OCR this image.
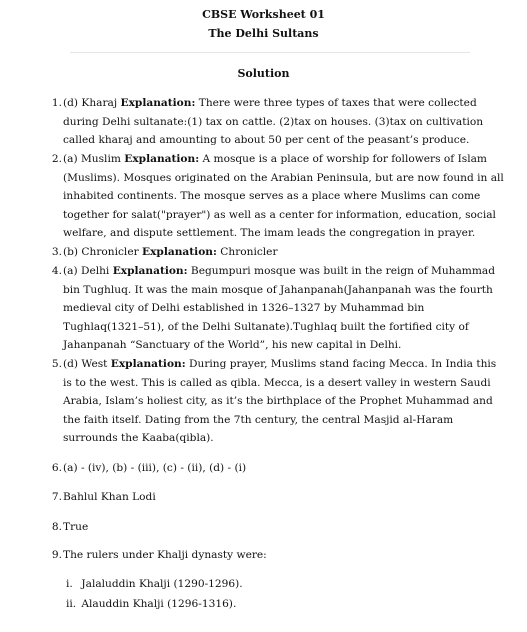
CBSE Worksheet 01
The Delhi Sultans
Solution
1. (d) Kharaj Explanation: There were three types of taxes that were collected during Delhi sultanate:(1) tax on cattle. (2)tax on houses. (3)tax on cultivation called kharaj and amounting to about 50 per cent of the peasant’s produce.
2. (a) Muslim Explanation: A mosque is a place of worship for followers of Islam (Muslims). Mosques originated on the Arabian Peninsula, but are now found in all inhabited continents. The mosque serves as a place where Muslims can come together for salat("prayer") as well as a center for information, education, social welfare, and dispute settlement. The imam leads the congregation in prayer.
3. (b) Chronicler Explanation: Chronicler
4. (a) Delhi Explanation: Begumpuri mosque was built in the reign of Muhammad bin Tughluq. It was the main mosque of Jahanpanah(Jahanpanah was the fourth medieval city of Delhi established in 1326–1327 by Muhammad bin Tughlaq(1321–51), of the Delhi Sultanate).Tughlaq built the fortified city of Jahanpanah “Sanctuary of the World”, his new capital in Delhi.
5. (d) West Explanation: During prayer, Muslims stand facing Mecca. In India this is to the west. This is called as qibla. Mecca, is a desert valley in western Saudi Arabia, Islam’s holiest city, as it’s the birthplace of the Prophet Muhammad and the faith itself. Dating from the 7th century, the central Masjid al-Haram surrounds the Kaaba(qibla).
6. (a) - (iv), (b) - (iii), (c) - (ii), (d) - (i)
7. Bahlul Khan Lodi
8. True
9. The rulers under Khalji dynasty were:
i. Jalaluddin Khalji (1290-1296).
ii. Alauddin Khalji (1296-1316).
